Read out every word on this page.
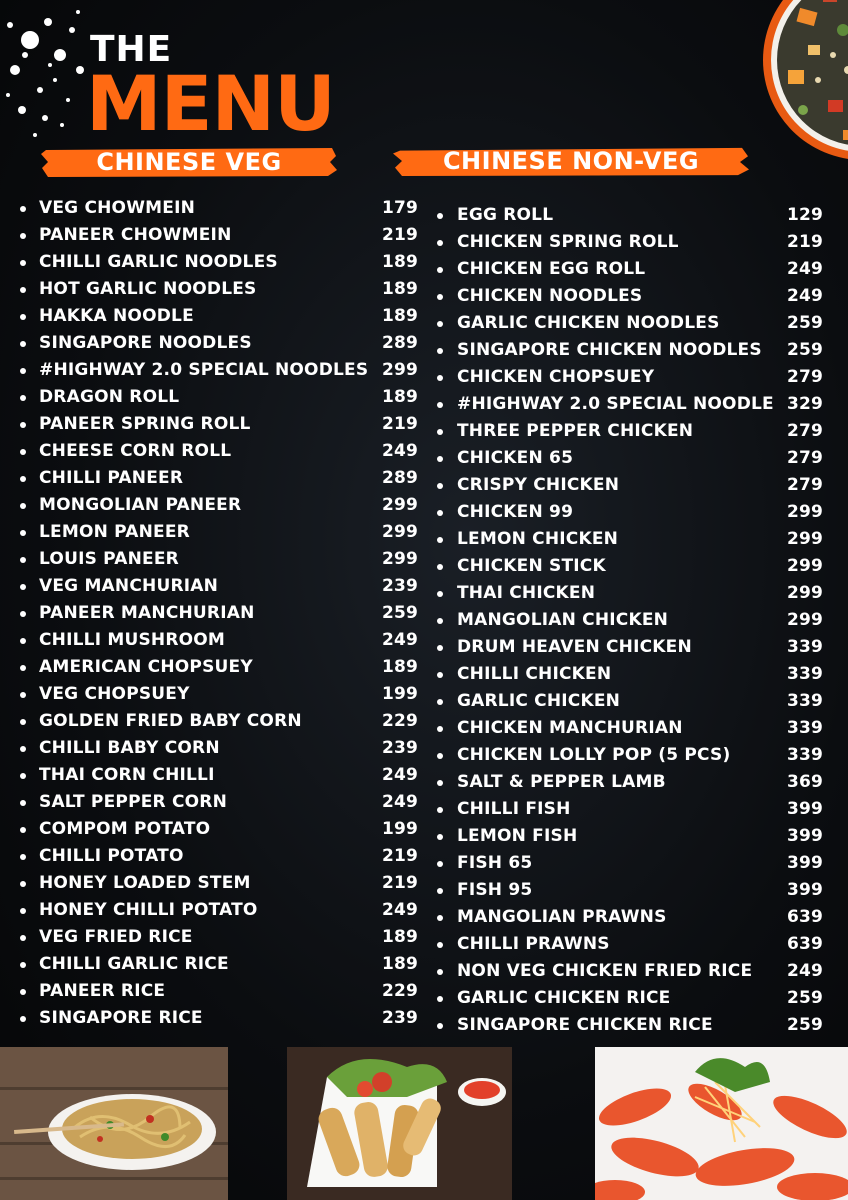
THE
MENU
CHINESE VEG	CHINESE NON-VEG
VEG CHOWMEIN	179
PANEER CHOWMEIN	219
CHILLI GARLIC NOODLES	189
HOT GARLIC NOODLES	189
HAKKA NOODLE	189
SINGAPORE NOODLES	289
#HIGHWAY 2.0 SPECIAL NOODLES 299
DRAGON ROLL	189
PANEER SPRING ROLL	219
CHEESE CORN ROLL	249
CHILLI PANEER	289
MONGOLIAN PANEER	299
LEMON PANEER	299
LOUIS PANEER	299
VEG MANCHURIAN	239
PANEER MANCHURIAN	259
CHILLI MUSHROOM	249
AMERICAN CHOPSUEY	189
VEG CHOPSUEY	199
GOLDEN FRIED BABY CORN	229
CHILLI BABY CORN	239
THAI CORN CHILLI	249
SALT PEPPER CORN	249
COMPOM POTATO	199
CHILLI POTATO	219
HONEY LOADED STEM	219
HONEY CHILLI POTATO	249
VEG FRIED RICE	189
CHILLI GARLIC RICE	189
PANEER RICE	229
SINGAPORE RICE	239
EGG ROLL	129
CHICKEN SPRING ROLL	219
CHICKEN EGG ROLL	249
CHICKEN NOODLES	249
GARLIC CHICKEN NOODLES	259
SINGAPORE CHICKEN NOODLES 259
CHICKEN CHOPSUEY	279
#HIGHWAY 2.0 SPECIAL NOODLE 329
THREE PEPPER CHICKEN	279
CHICKEN 65	279
CRISPY CHICKEN	279
CHICKEN 99	299
LEMON CHICKEN	299
CHICKEN STICK	299
THAI CHICKEN	299
MANGOLIAN CHICKEN	299
DRUM HEAVEN CHICKEN	339
CHILLI CHICKEN	339
GARLIC CHICKEN	339
CHICKEN MANCHURIAN	339
CHICKEN LOLLY POP (5 PCS)	339
SALT & PEPPER LAMB	369
CHILLI FISH	399
LEMON FISH	399
FISH 65	399
FISH 95	399
MANGOLIAN PRAWNS	639
CHILLI PRAWNS	639
NON VEG CHICKEN FRIED RICE 249
GARLIC CHICKEN RICE	259
SINGAPORE CHICKEN RICE	259
